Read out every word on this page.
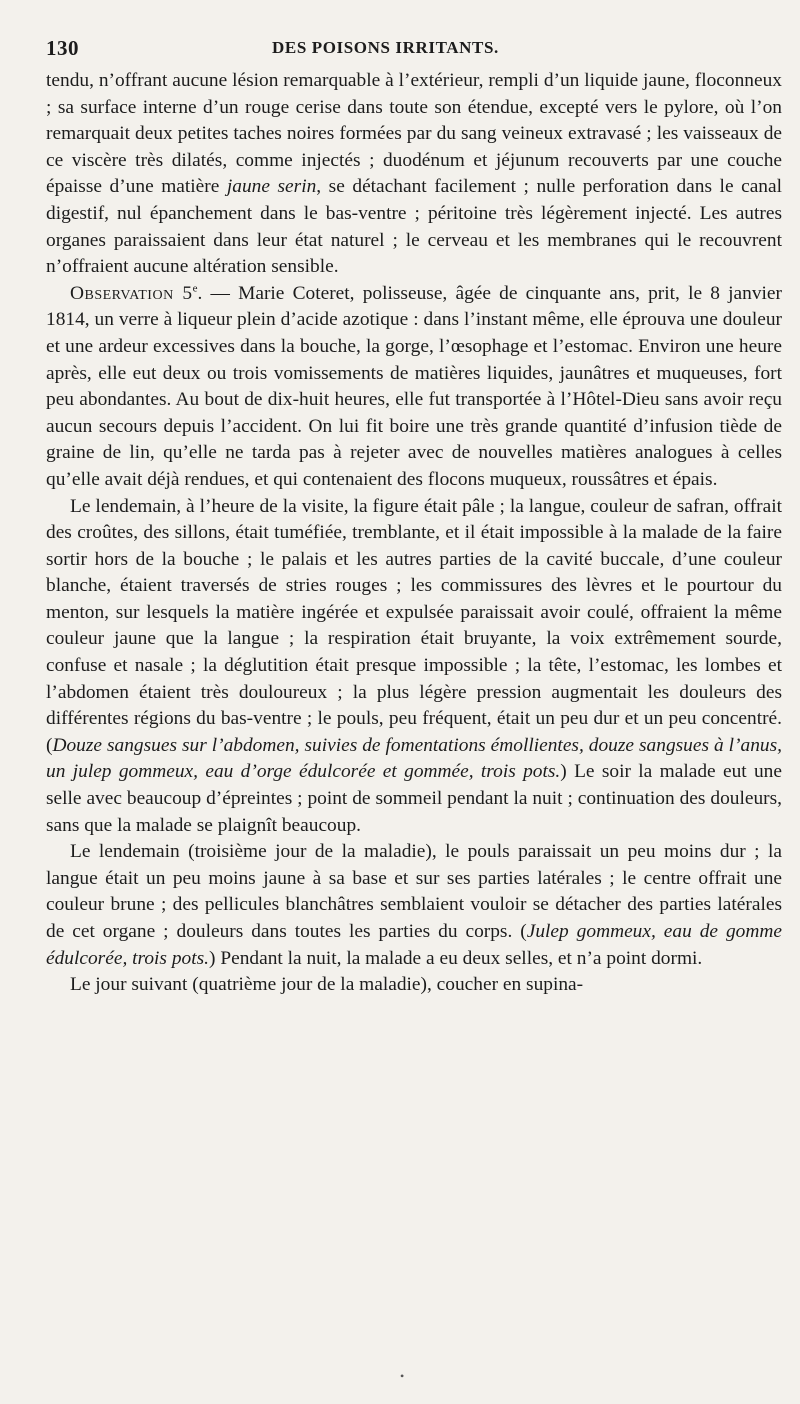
130	DES POISONS IRRITANTS.

tendu, n’offrant aucune lésion remarquable à l’extérieur, rempli d’un liquide jaune, floconneux ; sa surface interne d’un rouge cerise dans toute son étendue, excepté vers le pylore, où l’on remarquait deux petites taches noires formées par du sang veineux extravasé ; les vaisseaux de ce viscère très dilatés, comme injectés ; duodénum et jéjunum recouverts par une couche épaisse d’une matière jaune serin, se détachant facilement ; nulle perforation dans le canal digestif, nul épanchement dans le bas-ventre ; péritoine très légèrement injecté. Les autres organes paraissaient dans leur état naturel ; le cerveau et les membranes qui le recouvrent n’offraient aucune altération sensible.

Observation 5e. — Marie Coteret, polisseuse, âgée de cinquante ans, prit, le 8 janvier 1814, un verre à liqueur plein d’acide azotique : dans l’instant même, elle éprouva une douleur et une ardeur excessives dans la bouche, la gorge, l’œsophage et l’estomac. Environ une heure après, elle eut deux ou trois vomissements de matières liquides, jaunâtres et muqueuses, fort peu abondantes. Au bout de dix-huit heures, elle fut transportée à l’Hôtel-Dieu sans avoir reçu aucun secours depuis l’accident. On lui fit boire une très grande quantité d’infusion tiède de graine de lin, qu’elle ne tarda pas à rejeter avec de nouvelles matières analogues à celles qu’elle avait déjà rendues, et qui contenaient des flocons muqueux, roussâtres et épais.

Le lendemain, à l’heure de la visite, la figure était pâle ; la langue, couleur de safran, offrait des croûtes, des sillons, était tuméfiée, tremblante, et il était impossible à la malade de la faire sortir hors de la bouche ; le palais et les autres parties de la cavité buccale, d’une couleur blanche, étaient traversés de stries rouges ; les commissures des lèvres et le pourtour du menton, sur lesquels la matière ingérée et expulsée paraissait avoir coulé, offraient la même couleur jaune que la langue ; la respiration était bruyante, la voix extrêmement sourde, confuse et nasale ; la déglutition était presque impossible ; la tête, l’estomac, les lombes et l’abdomen étaient très douloureux ; la plus légère pression augmentait les douleurs des différentes régions du bas-ventre ; le pouls, peu fréquent, était un peu dur et un peu concentré. (Douze sangsues sur l’abdomen, suivies de fomentations émollientes, douze sangsues à l’anus, un julep gommeux, eau d’orge édulcorée et gommée, trois pots.) Le soir la malade eut une selle avec beaucoup d’épreintes ; point de sommeil pendant la nuit ; continuation des douleurs, sans que la malade se plaignît beaucoup.

Le lendemain (troisième jour de la maladie), le pouls paraissait un peu moins dur ; la langue était un peu moins jaune à sa base et sur ses parties latérales ; le centre offrait une couleur brune ; des pellicules blanchâtres semblaient vouloir se détacher des parties latérales de cet organe ; douleurs dans toutes les parties du corps. (Julep gommeux, eau de gomme édulcorée, trois pots.) Pendant la nuit, la malade a eu deux selles, et n’a point dormi.

Le jour suivant (quatrième jour de la maladie), coucher en supina-

•
